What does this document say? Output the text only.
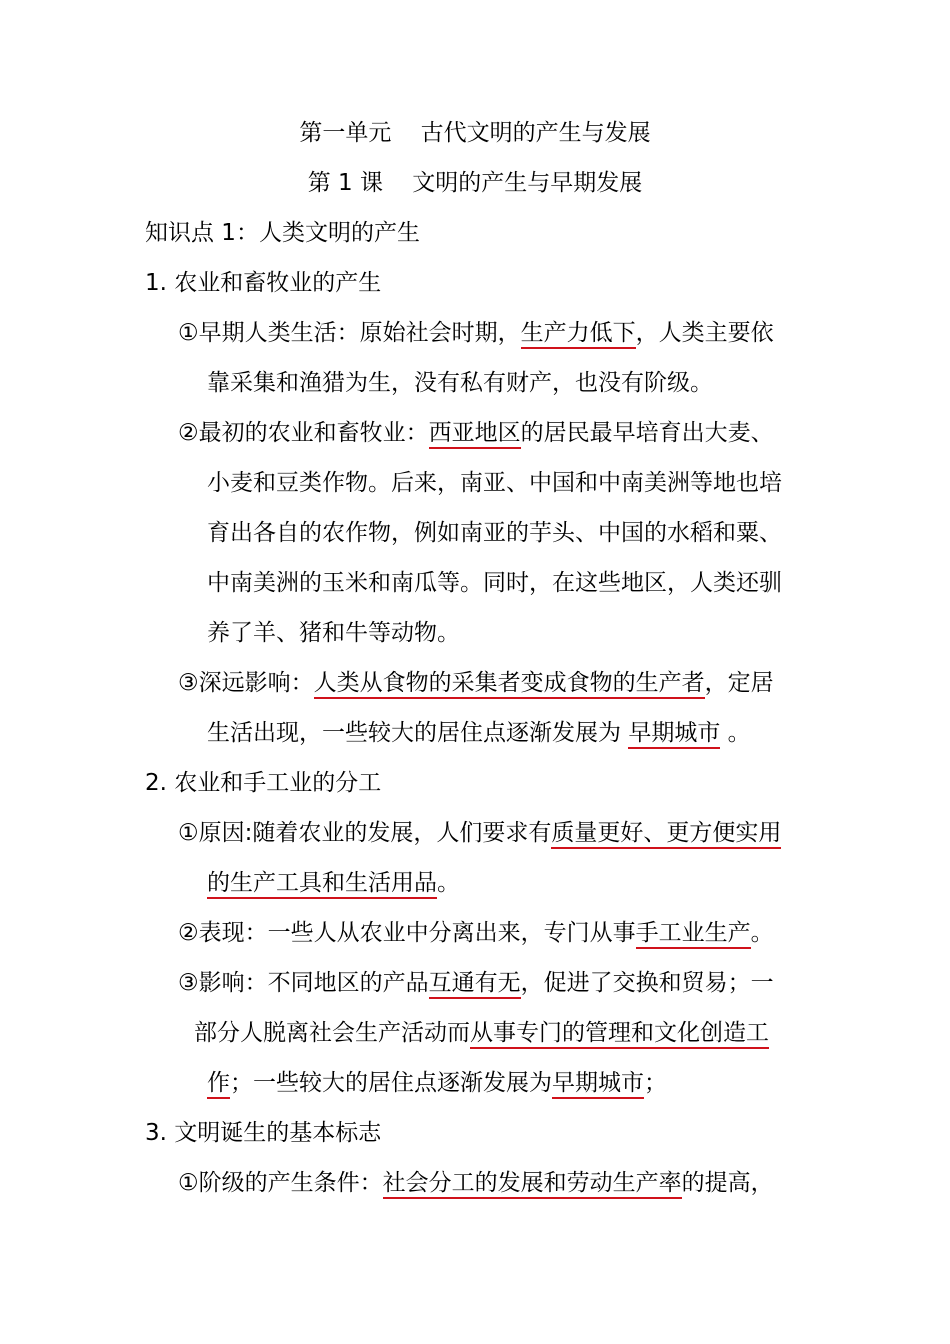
第一单元    古代文明的产生与发展
第 1 课    文明的产生与早期发展
知识点 1：人类文明的产生
1. 农业和畜牧业的产生
①早期人类生活：原始社会时期，生产力低下，人类主要依
靠采集和渔猎为生，没有私有财产，也没有阶级。
②最初的农业和畜牧业：西亚地区的居民最早培育出大麦、
小麦和豆类作物。后来，南亚、中国和中南美洲等地也培
育出各自的农作物，例如南亚的芋头、中国的水稻和粟、
中南美洲的玉米和南瓜等。同时，在这些地区，人类还驯
养了羊、猪和牛等动物。
③深远影响：人类从食物的采集者变成食物的生产者，定居
生活出现，一些较大的居住点逐渐发展为 早期城市 。
2. 农业和手工业的分工
①原因:随着农业的发展，人们要求有质量更好、更方便实用
的生产工具和生活用品。
②表现：一些人从农业中分离出来，专门从事手工业生产。
③影响：不同地区的产品互通有无，促进了交换和贸易；一
部分人脱离社会生产活动而从事专门的管理和文化创造工
作；一些较大的居住点逐渐发展为早期城市；
3. 文明诞生的基本标志
①阶级的产生条件：社会分工的发展和劳动生产率的提高，
